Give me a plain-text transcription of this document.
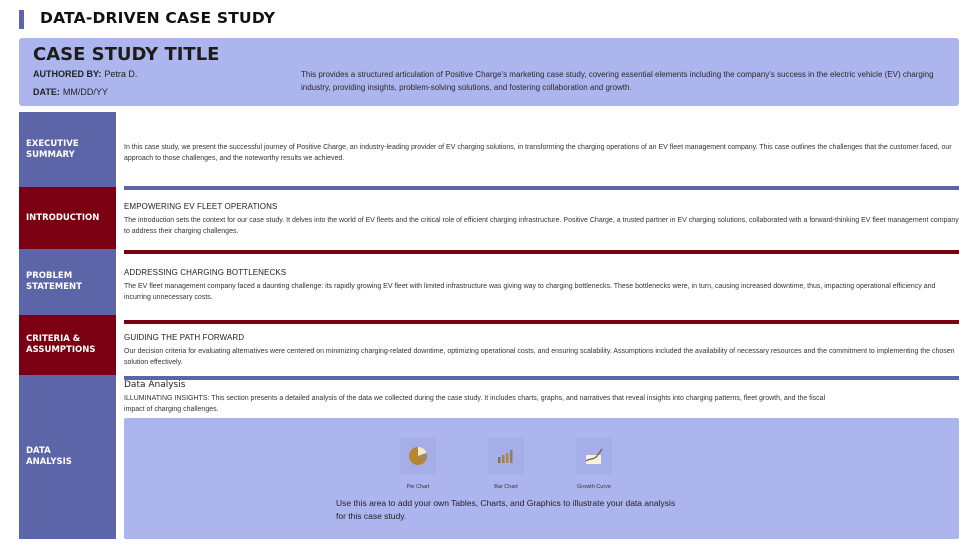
DATA-DRIVEN CASE STUDY
CASE STUDY TITLE
AUTHORED BY: Petra D.
DATE: MM/DD/YY
This provides a structured articulation of Positive Charge's marketing case study, covering essential elements including the company's success in the electric vehicle (EV) charging industry, providing insights, problem-solving solutions, and fostering collaboration and growth.
EXECUTIVE SUMMARY
INTRODUCTION
PROBLEM STATEMENT
CRITERIA & ASSUMPTIONS
DATA ANALYSIS
In this case study, we present the successful journey of Positive Charge, an industry-leading provider of EV charging solutions, in transforming the charging operations of an EV fleet management company. This case outlines the challenges that the customer faced, our approach to those challenges, and the noteworthy results we achieved.
EMPOWERING EV FLEET OPERATIONS
The introduction sets the context for our case study. It delves into the world of EV fleets and the critical role of efficient charging infrastructure. Positive Charge, a trusted partner in EV charging solutions, collaborated with a forward-thinking EV fleet management company to address their charging challenges.
ADDRESSING CHARGING BOTTLENECKS
The EV fleet management company faced a daunting challenge: its rapidly growing EV fleet with limited infrastructure was giving way to charging bottlenecks. These bottlenecks were, in turn, causing increased downtime, thus, impacting operational efficiency and incurring unnecessary costs.
GUIDING THE PATH FORWARD
Our decision criteria for evaluating alternatives were centered on minimizing charging-related downtime, optimizing operational costs, and ensuring scalability. Assumptions included the availability of necessary resources and the commitment to implementing the chosen solution effectively.
Data Analysis
ILLUMINATING INSIGHTS: This section presents a detailed analysis of the data we collected during the case study. It includes charts, graphs, and narratives that reveal insights into charging patterns, fleet growth, and the fiscal impact of charging challenges.
Pie Chart	Bar Chart	Growth Curve
Use this area to add your own Tables, Charts, and Graphics to illustrate your data analysis for this case study.
